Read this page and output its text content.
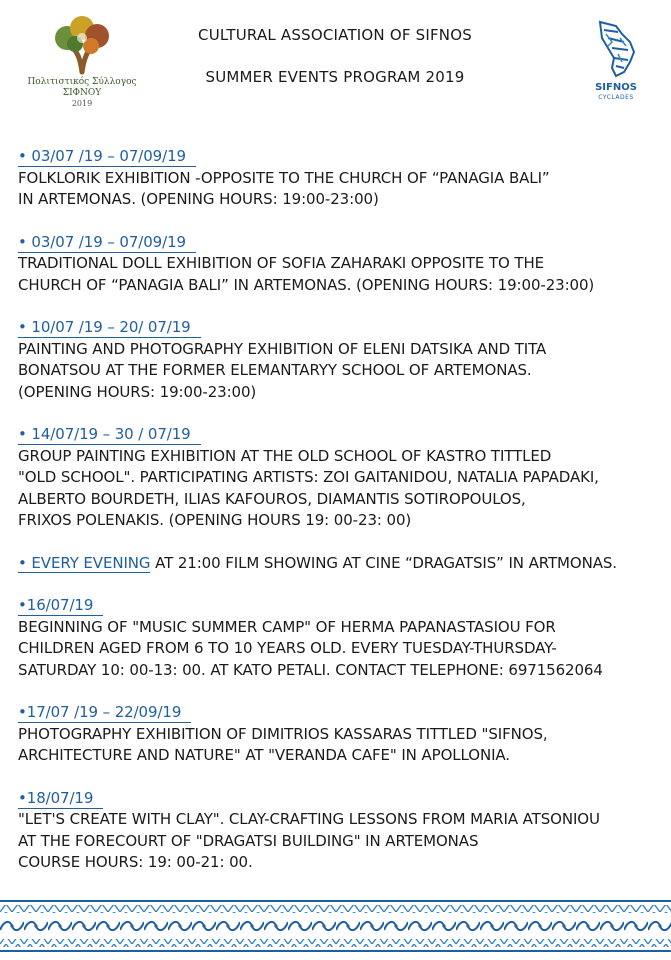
Πολιτιστικός Σύλλογος ΣΙΦΝΟΥ
2019
CULTURAL ASSOCIATION OF SIFNOS
SUMMER EVENTS PROGRAM 2019
SIFNOS
CYCLADES
• 03/07 /19 – 07/09/19
FOLKLORIK EXHIBITION -OPPOSITE TO THE CHURCH OF “PANAGIA BALI”
IN ARTEMONAS. (OPENING HOURS: 19:00-23:00)
• 03/07 /19 – 07/09/19
TRADITIONAL DOLL EXHIBITION OF SOFIA ZAHARAKI OPPOSITE TO THE
CHURCH OF “PANAGIA BALI” IN ARTEMONAS. (OPENING HOURS: 19:00-23:00)
• 10/07 /19 – 20/ 07/19
PAINTING AND PHOTOGRAPHY EXHIBITION OF ELENI DATSIKA AND TITA
BONATSOU AT THE FORMER ELEMANTARYY SCHOOL OF ARTEMONAS.
(OPENING HOURS: 19:00-23:00)
• 14/07/19 – 30 / 07/19
GROUP PAINTING EXHIBITION AT THE OLD SCHOOL OF KASTRO TITTLED
"OLD SCHOOL". PARTICIPATING ARTISTS: ZOI GAITANIDOU, NATALIA PAPADAKI,
ALBERTO BOURDETH, ILIAS KAFOUROS, DIAMANTIS SOTIROPOULOS,
FRIXOS POLENAKIS. (OPENING HOURS 19: 00-23: 00)
• EVERY EVENING AT 21:00 FILM SHOWING AT CINE “DRAGATSIS” IN ARTMONAS.
•16/07/19
BEGINNING OF "MUSIC SUMMER CAMP" OF HERMA PAPANASTASIOU FOR
CHILDREN AGED FROM 6 TO 10 YEARS OLD. EVERY TUESDAY-THURSDAY-
SATURDAY 10: 00-13: 00. AT KATO PETALI. CONTACT TELEPHONE: 6971562064
•17/07 /19 – 22/09/19
PHOTOGRAPHY EXHIBITION OF DIMITRIOS KASSARAS TITTLED "SIFNOS,
ARCHITECTURE AND NATURE" AT "VERANDA CAFE" IN APOLLONIA.
•18/07/19
"LET'S CREATE WITH CLAY". CLAY-CRAFTING LESSONS FROM MARIA ATSONIOU
AT THE FORECOURT OF "DRAGATSI BUILDING" IN ARTEMONAS
COURSE HOURS: 19: 00-21: 00.
